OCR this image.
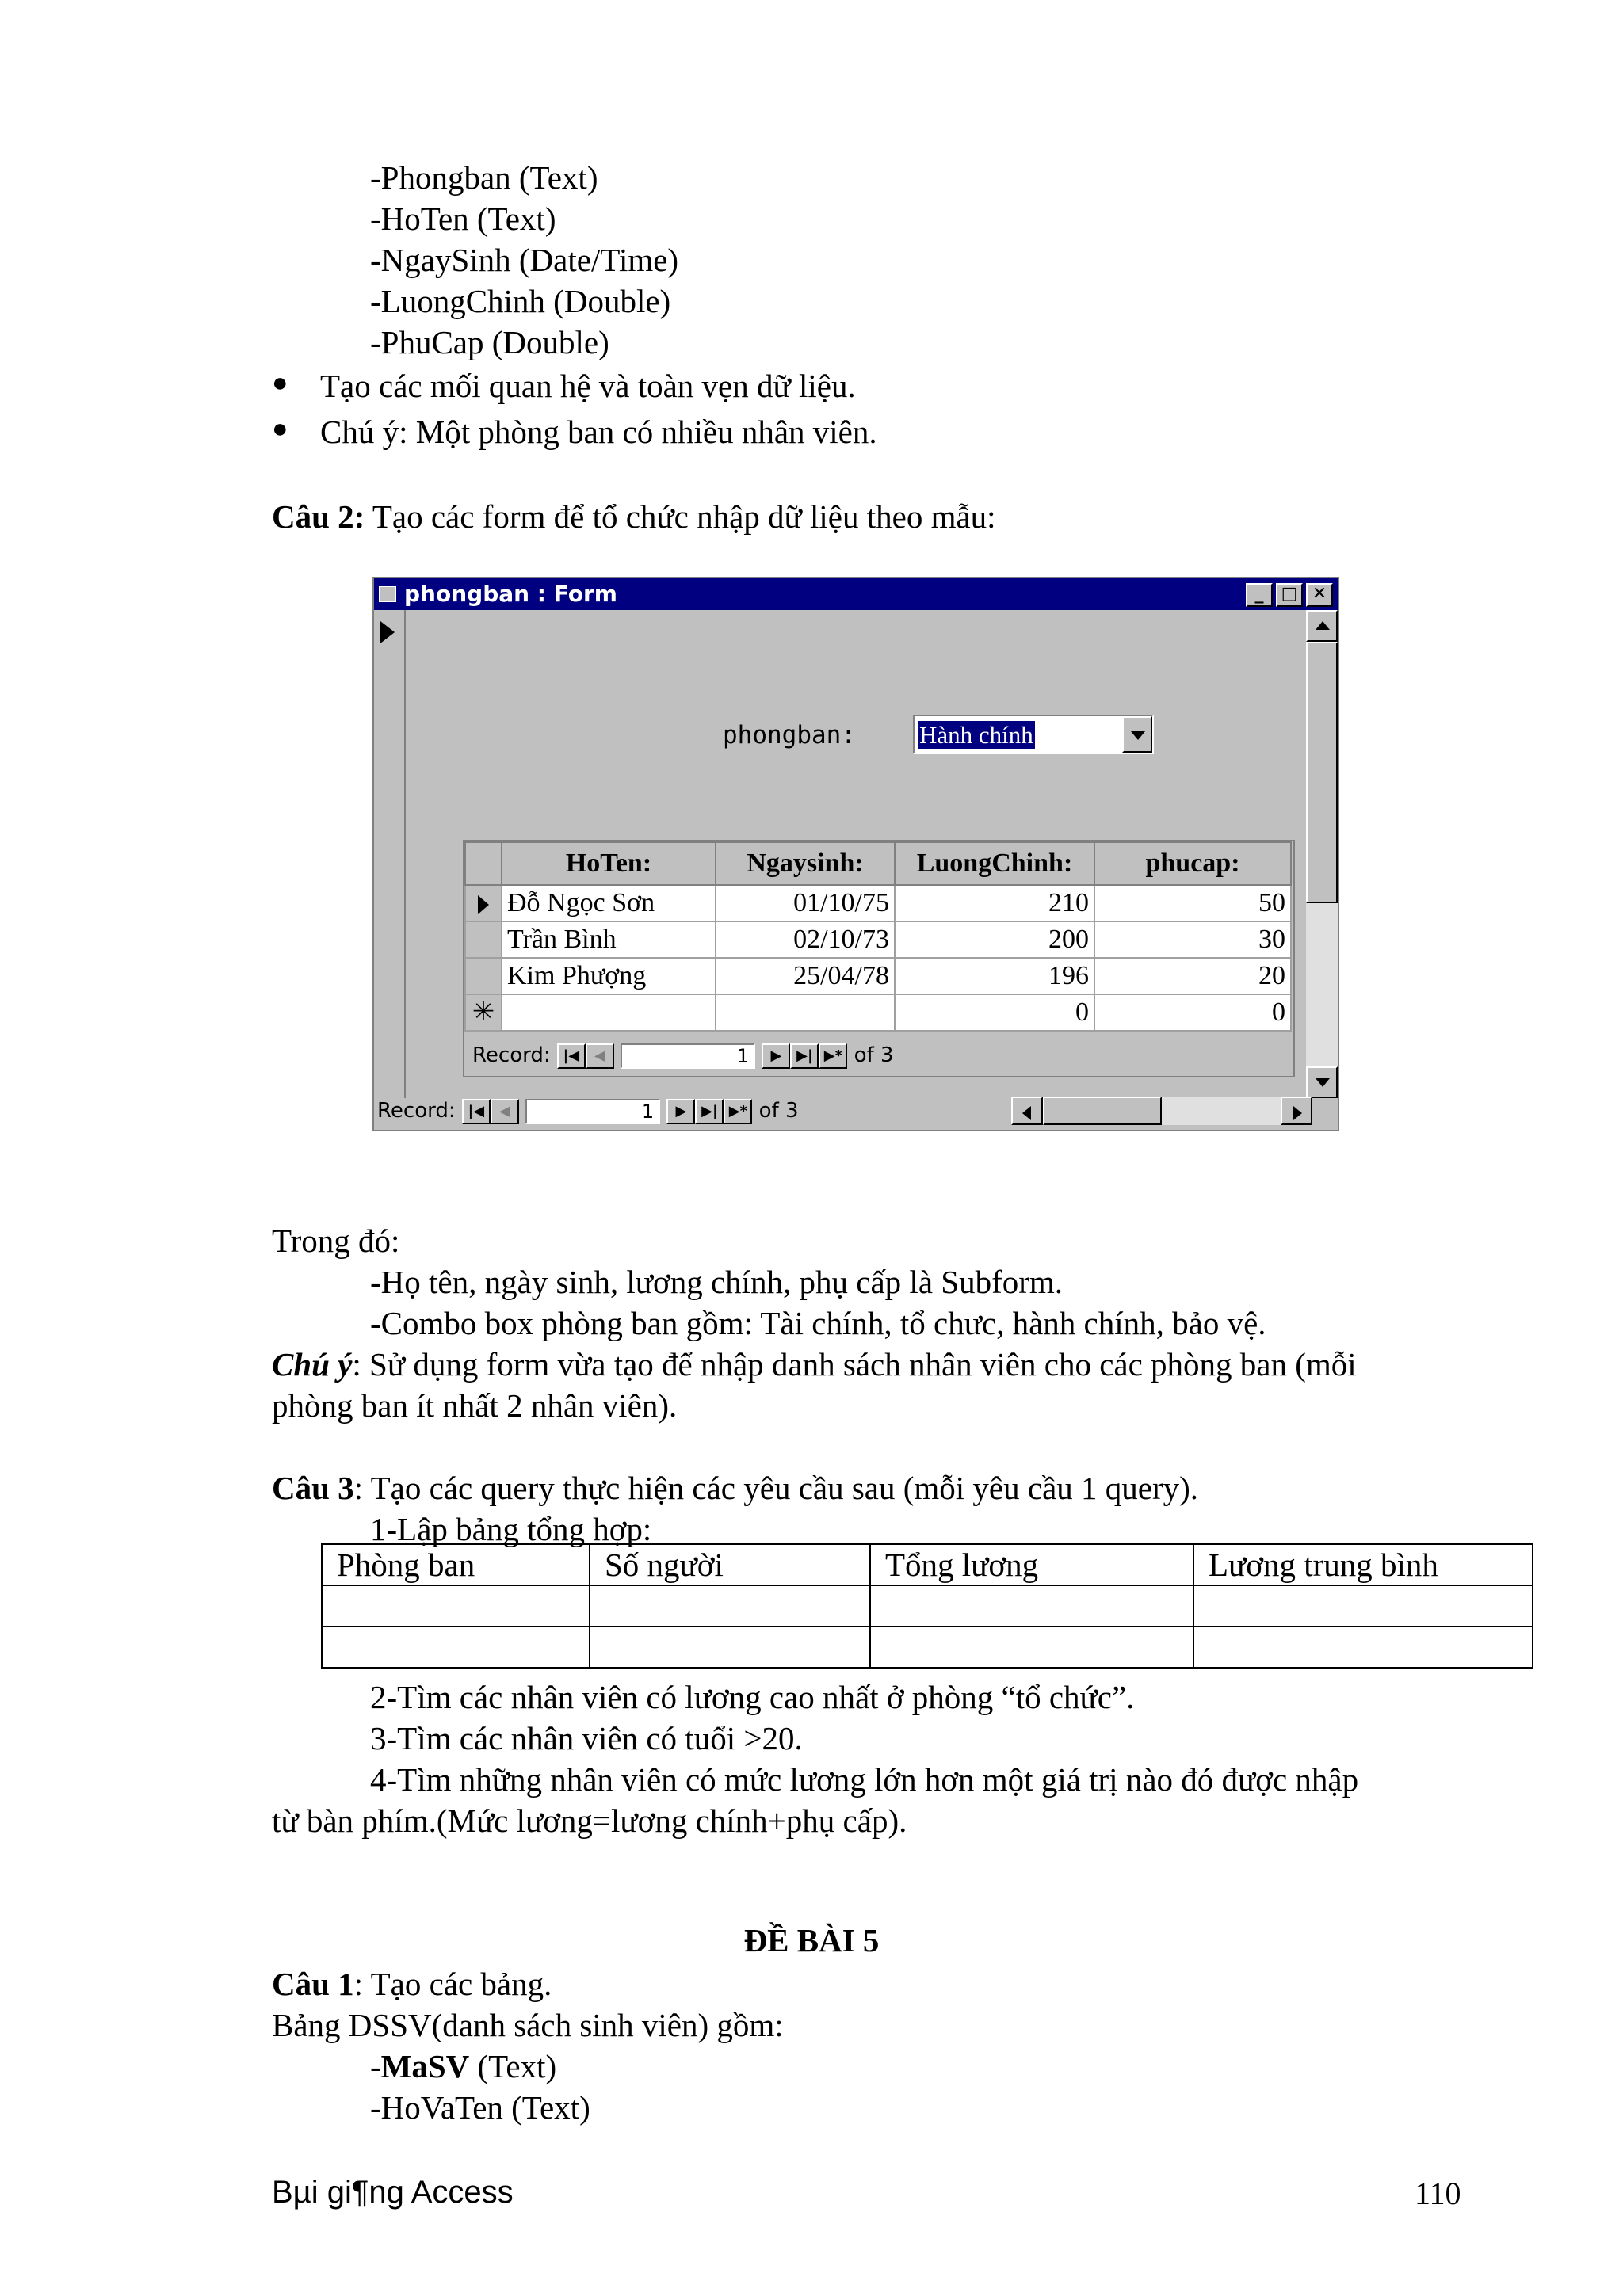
-Phongban (Text)
-HoTen (Text)
-NgaySinh (Date/Time)
-LuongChinh (Double)
-PhuCap (Double)
● Tạo các mối quan hệ và toàn vẹn dữ liệu.
● Chú ý: Một phòng ban có nhiều nhân viên.
Câu 2: Tạo các form để tổ chức nhập dữ liệu theo mẫu:
phongban : Form	_	□ ✕
phongban:	Hành chính
	HoTen:	Ngaysinh:	LuongChinh:	phucap:
	Đỗ Ngọc Sơn	01/10/75	210	50
	Trần Bình	02/10/73	200	30
	Kim Phượng	25/04/78	196	20
✳			0	0
Record: |◀ ◀	1 ▶ ▶| ▶* of 3
Record: |◀ ◀	1 ▶ ▶| ▶* of 3
Trong đó:
-Họ tên, ngày sinh, lương chính, phụ cấp là Subform.
-Combo box phòng ban gồm: Tài chính, tổ chưc, hành chính, bảo vệ.
Chú ý: Sử dụng form vừa tạo để nhập danh sách nhân viên cho các phòng ban (mỗi
phòng ban ít nhất 2 nhân viên).
Câu 3: Tạo các query thực hiện các yêu cầu sau (mỗi yêu cầu 1 query).
1-Lập bảng tổng hợp:
Phòng ban	Số người	Tổng lương	Lương trung bình

2-Tìm các nhân viên có lương cao nhất ở phòng “tổ chức”.
3-Tìm các nhân viên có tuổi >20.
4-Tìm những nhân viên có mức lương lớn hơn một giá trị nào đó được nhập
từ bàn phím.(Mức lương=lương chính+phụ cấp).
ĐỀ BÀI 5
Câu 1: Tạo các bảng.
Bảng DSSV(danh sách sinh viên) gồm:
-MaSV (Text)
-HoVaTen (Text)
Bµi gi¶ng Access	110
